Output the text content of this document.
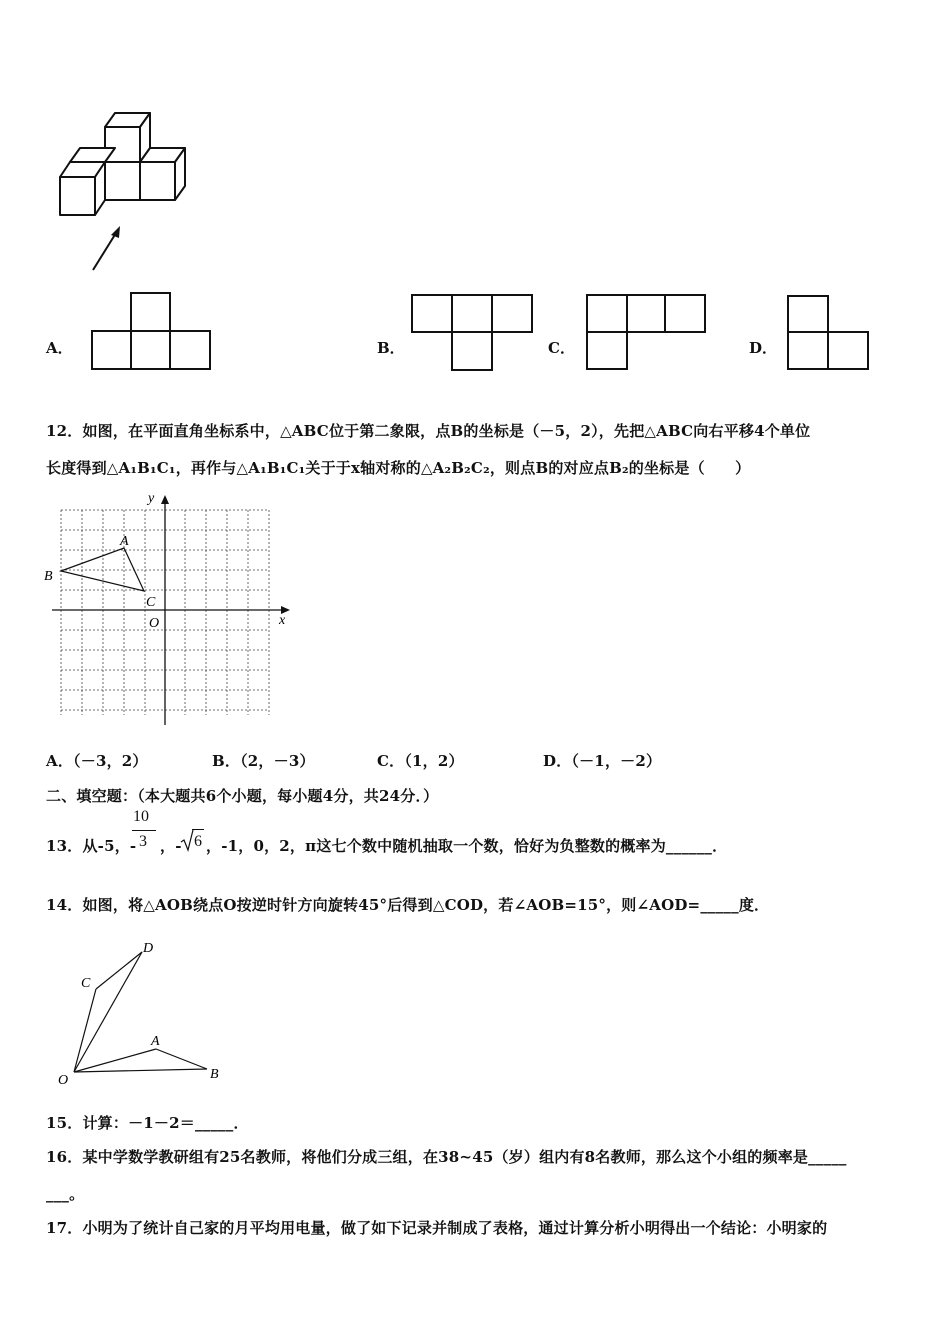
A．	B．	C．	D．
12．如图，在平面直角坐标系中，△ABC位于第二象限，点B的坐标是（－5，2），先把△ABC向右平移4个单位
长度得到△A₁B₁C₁，再作与△A₁B₁C₁关于于x轴对称的△A₂B₂C₂，则点B的对应点B₂的坐标是（　　）
y
x
O
A
B
C
A．（－3，2）	B．（2，－3）	C．（1，2）	D．（－1，－2）
二、填空题：（本大题共6个小题，每小题4分，共24分．）
13．从-5，-
10
3 ，- 6 ，-1，0，2，π这七个数中随机抽取一个数，恰好为负整数的概率为______．
14．如图，将△AOB绕点O按逆时针方向旋转45°后得到△COD，若∠AOB=15°，则∠AOD=_____度．
D
C
A
O	B
15．计算：－1－2＝_____．
16．某中学数学教研组有25名教师，将他们分成三组，在38~45（岁）组内有8名教师，那么这个小组的频率是_____
___。
17．小明为了统计自己家的月平均用电量，做了如下记录并制成了表格，通过计算分析小明得出一个结论：小明家的
